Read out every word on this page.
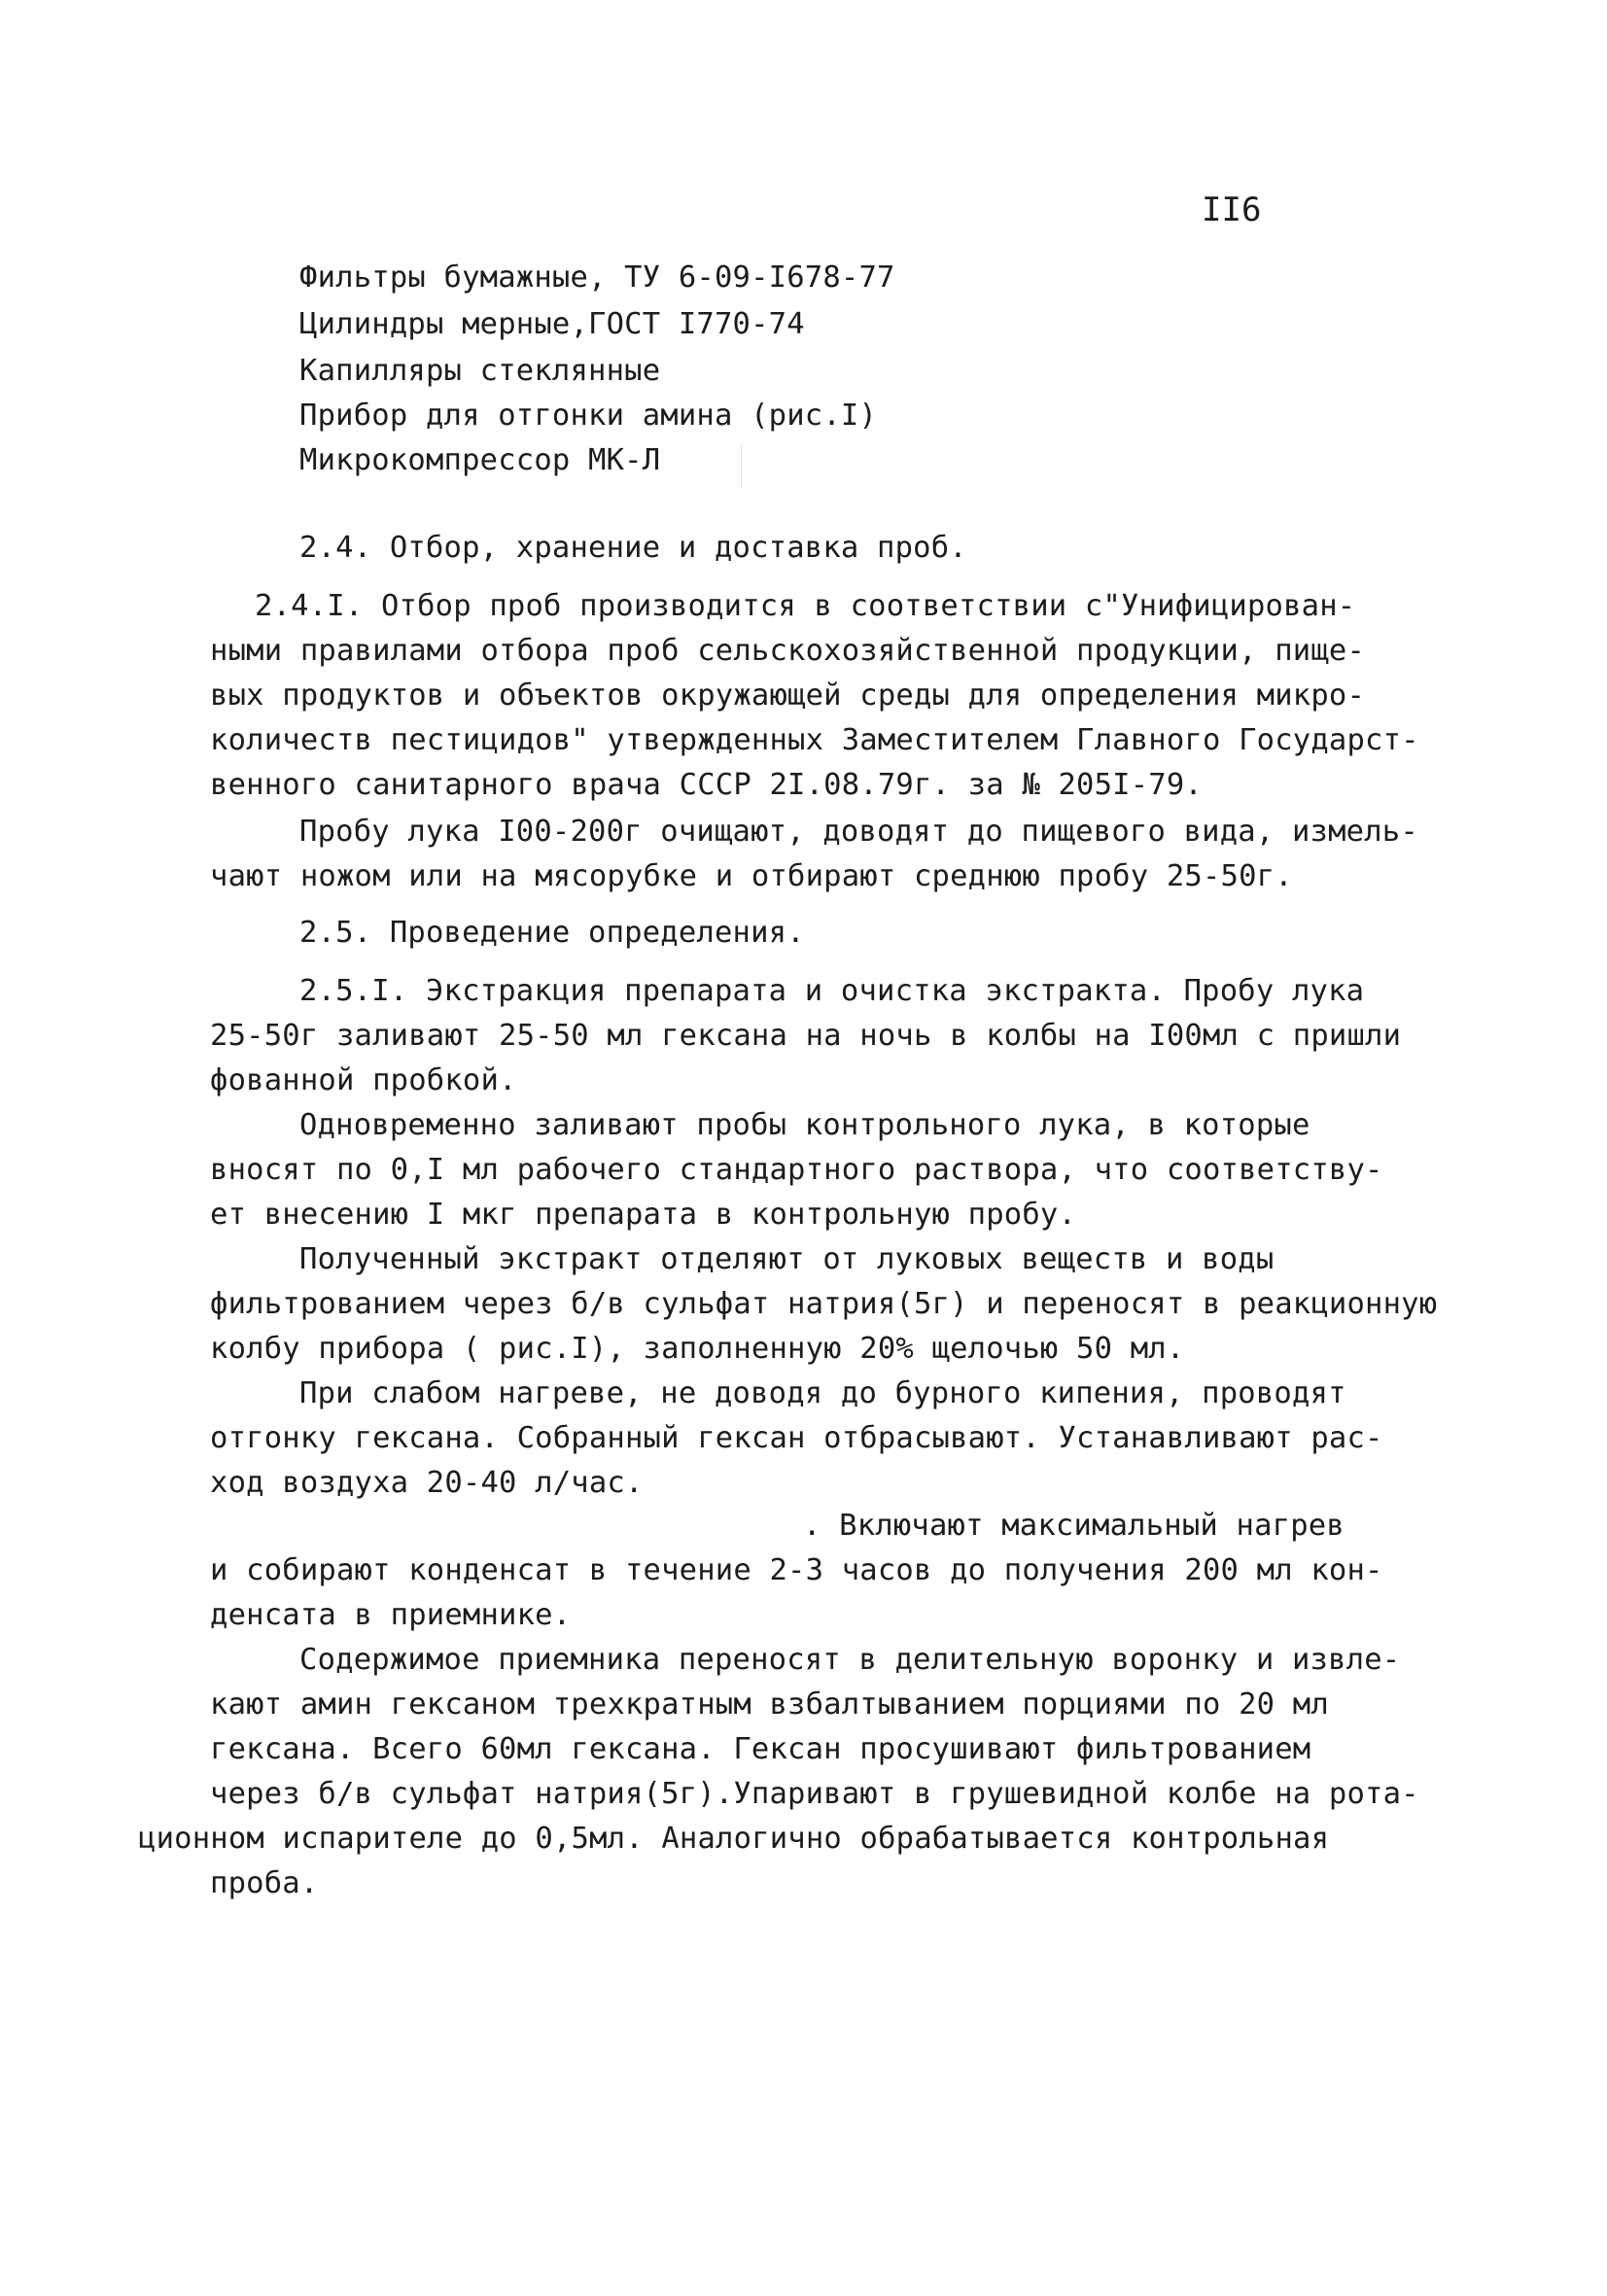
II6
Фильтры бумажные, ТУ 6-09-I678-77
Цилиндры мерные,ГОСТ I770-74
Капилляры стеклянные
Прибор для отгонки амина (рис.I)
Микрокомпрессор МК-Л
2.4. Отбор, хранение и доставка проб.
2.4.I. Отбор проб производится в соответствии с"Унифицирован-
ными правилами отбора проб сельскохозяйственной продукции, пище-
вых продуктов и объектов окружающей среды для определения микро-
количеств пестицидов" утвержденных Заместителем Главного Государст-
венного санитарного врача СССР 2I.08.79г. за № 205I-79.
Пробу лука I00-200г очищают, доводят до пищевого вида, измель-
чают ножом или на мясорубке и отбирают среднюю пробу 25-50г.
2.5. Проведение определения.
2.5.I. Экстракция препарата и очистка экстракта. Пробу лука
25-50г заливают 25-50 мл гексана на ночь в колбы на I00мл с пришли
фованной пробкой.
Одновременно заливают пробы контрольного лука, в которые
вносят по 0,I мл рабочего стандартного раствора, что соответству-
ет внесению I мкг препарата в контрольную пробу.
Полученный экстракт отделяют от луковых веществ и воды
фильтрованием через б/в сульфат натрия(5г) и переносят в реакционную
колбу прибора ( рис.I), заполненную 20% щелочью 50 мл.
При слабом нагреве, не доводя до бурного кипения, проводят
отгонку гексана. Собранный гексан отбрасывают. Устанавливают рас-
ход воздуха 20-40 л/час.
. Включают максимальный нагрев
и собирают конденсат в течение 2-3 часов до получения 200 мл кон-
денсата в приемнике.
Содержимое приемника переносят в делительную воронку и извле-
кают амин гексаном трехкратным взбалтыванием порциями по 20 мл
гексана. Всего 60мл гексана. Гексан просушивают фильтрованием
через б/в сульфат натрия(5г).Упаривают в грушевидной колбе на рота-
ционном испарителе до 0,5мл. Аналогично обрабатывается контрольная
проба.
